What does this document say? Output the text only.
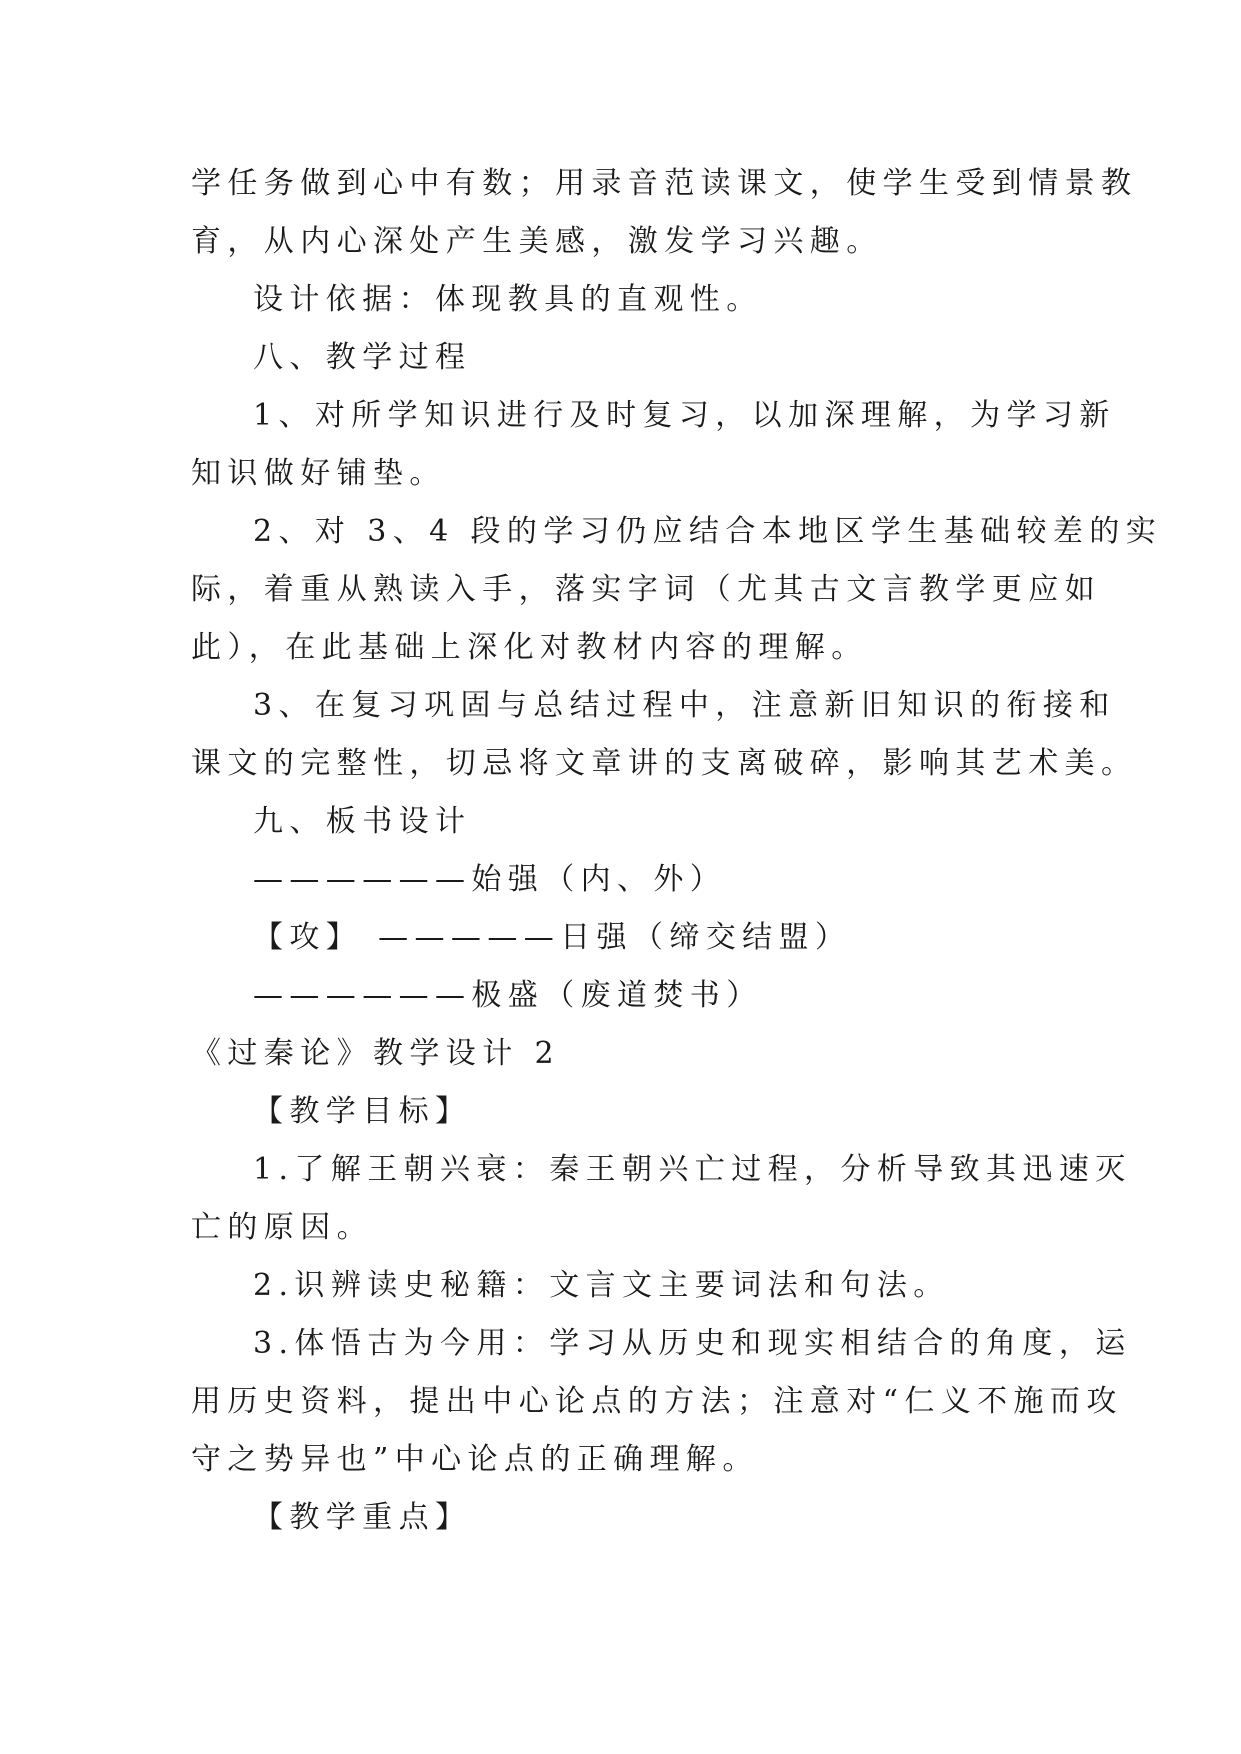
学任务做到心中有数；用录音范读课文，使学生受到情景教
育，从内心深处产生美感，激发学习兴趣。
设计依据：体现教具的直观性。
八、教学过程
1、对所学知识进行及时复习，以加深理解，为学习新
知识做好铺垫。
2、对 3、4 段的学习仍应结合本地区学生基础较差的实
际，着重从熟读入手，落实字词（尤其古文言教学更应如
此），在此基础上深化对教材内容的理解。
3、在复习巩固与总结过程中，注意新旧知识的衔接和
课文的完整性，切忌将文章讲的支离破碎，影响其艺术美。
九、板书设计
——————始强（内、外）
【攻】 —————日强（缔交结盟）
——————极盛（废道焚书）
《过秦论》教学设计 2
【教学目标】
1.了解王朝兴衰：秦王朝兴亡过程，分析导致其迅速灭
亡的原因。
2.识辨读史秘籍：文言文主要词法和句法。
3.体悟古为今用：学习从历史和现实相结合的角度，运
用历史资料，提出中心论点的方法；注意对“仁义不施而攻
守之势异也”中心论点的正确理解。
【教学重点】
